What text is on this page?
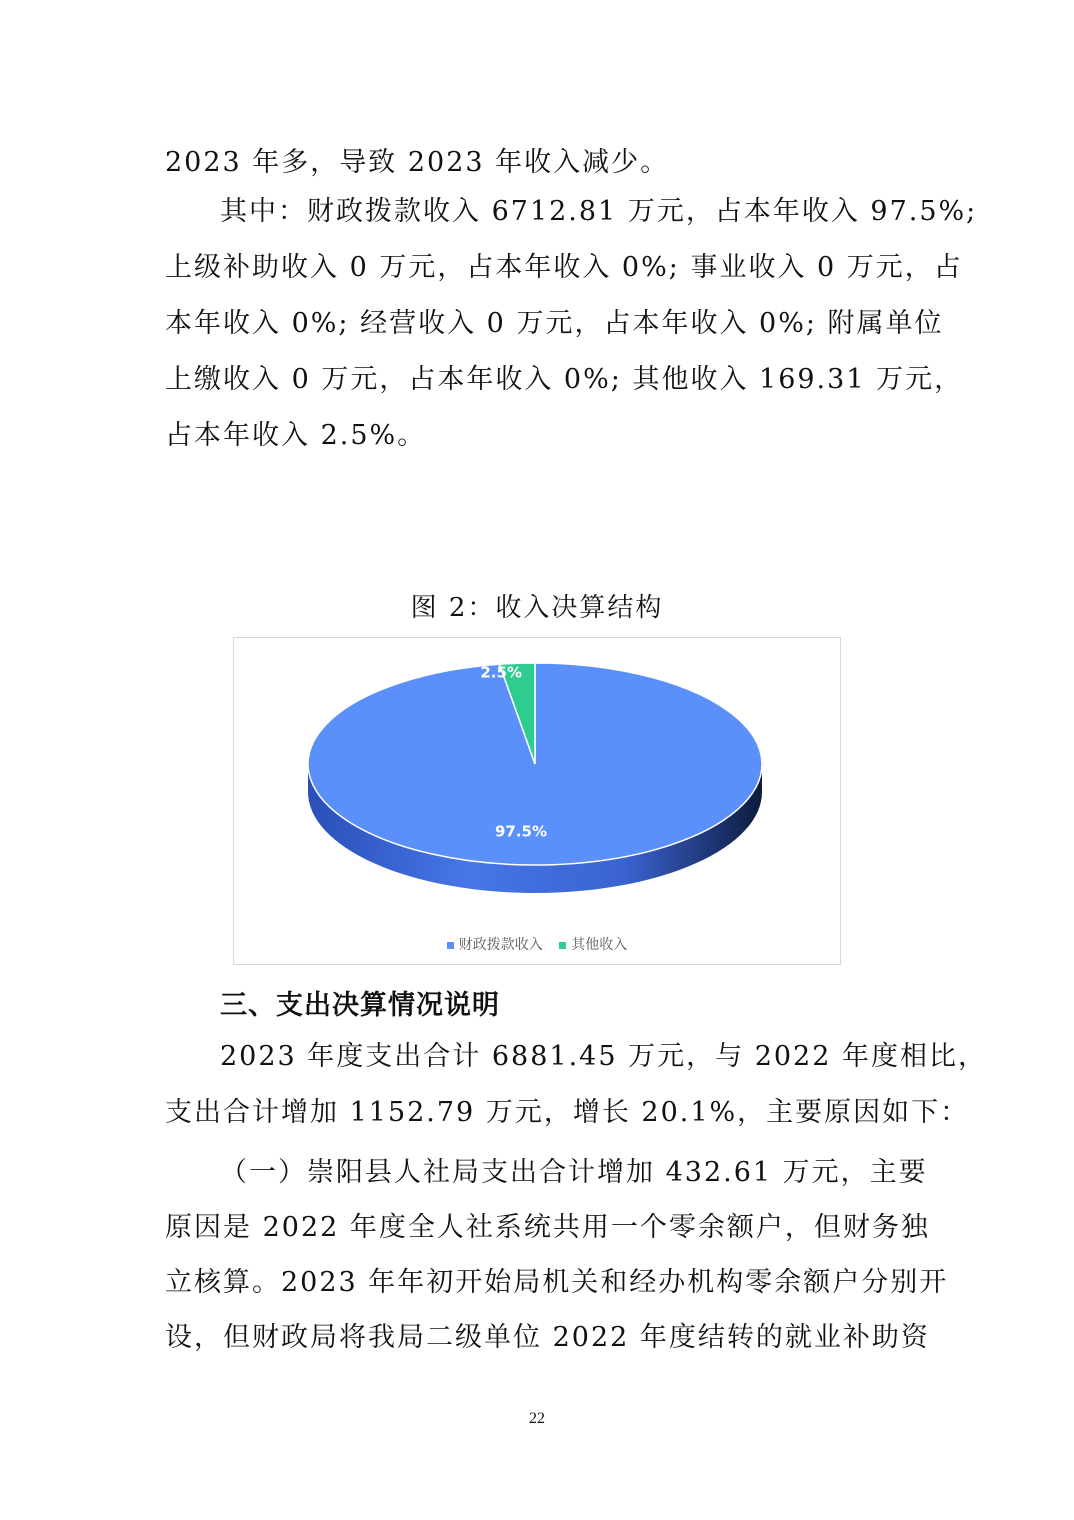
2023 年多，导致 2023 年收入减少。
其中：财政拨款收入 6712.81 万元，占本年收入 97.5%;
上级补助收入 0 万元，占本年收入 0%; 事业收入 0 万元，占
本年收入 0%; 经营收入 0 万元，占本年收入 0%; 附属单位
上缴收入 0 万元，占本年收入 0%; 其他收入 169.31 万元，
占本年收入 2.5%。
图 2：收入决算结构
97.5%
2.5%
财政拨款收入 其他收入
三、支出决算情况说明
2023 年度支出合计 6881.45 万元，与 2022 年度相比，
支出合计增加 1152.79 万元，增长 20.1%，主要原因如下：
（一）崇阳县人社局支出合计增加 432.61 万元，主要
原因是 2022 年度全人社系统共用一个零余额户，但财务独
立核算。2023 年年初开始局机关和经办机构零余额户分别开
设，但财政局将我局二级单位 2022 年度结转的就业补助资
22
